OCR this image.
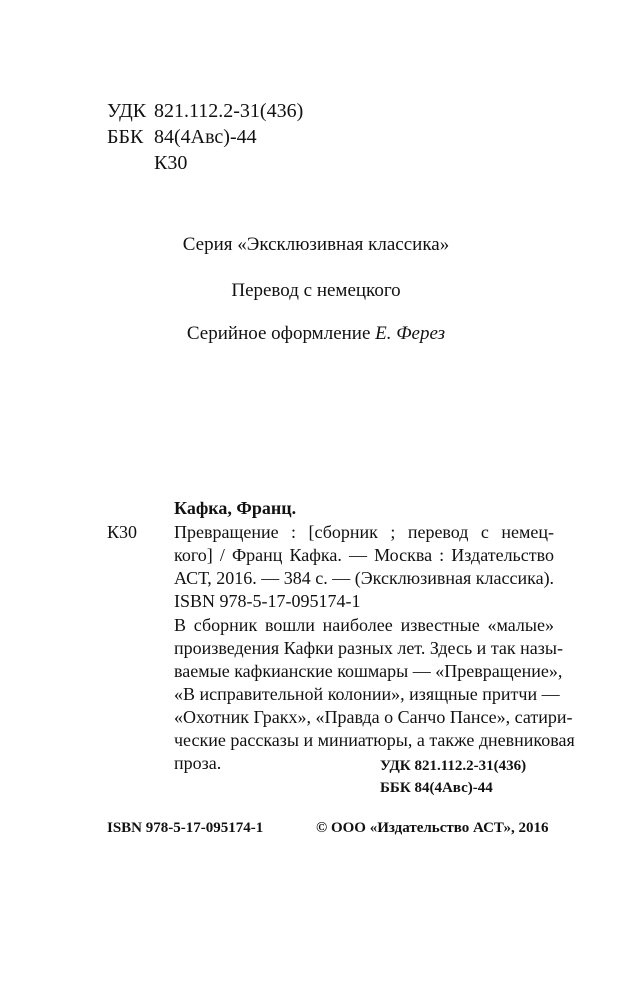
УДК 821.112.2-31(436)
ББК 84(4Авс)-44
К30
Серия «Эксклюзивная классика»
Перевод с немецкого
Серийное оформление Е. Ферез
Кафка, Франц.
К30 Превращение : [сборник ; перевод с немец-
кого] / Франц Кафка. — Москва : Издательство
АСТ, 2016. — 384 с. — (Эксклюзивная классика).
ISBN 978-5-17-095174-1
В сборник вошли наиболее известные «малые»
произведения Кафки разных лет. Здесь и так назы-
ваемые кафкианские кошмары — «Превращение»,
«В исправительной колонии», изящные притчи —
«Охотник Гракх», «Правда о Санчо Пансе», сатири-
ческие рассказы и миниатюры, а также дневниковая
проза.	УДК 821.112.2-31(436)
ББК 84(4Авс)-44
ISBN 978-5-17-095174-1	© ООО «Издательство АСТ», 2016
